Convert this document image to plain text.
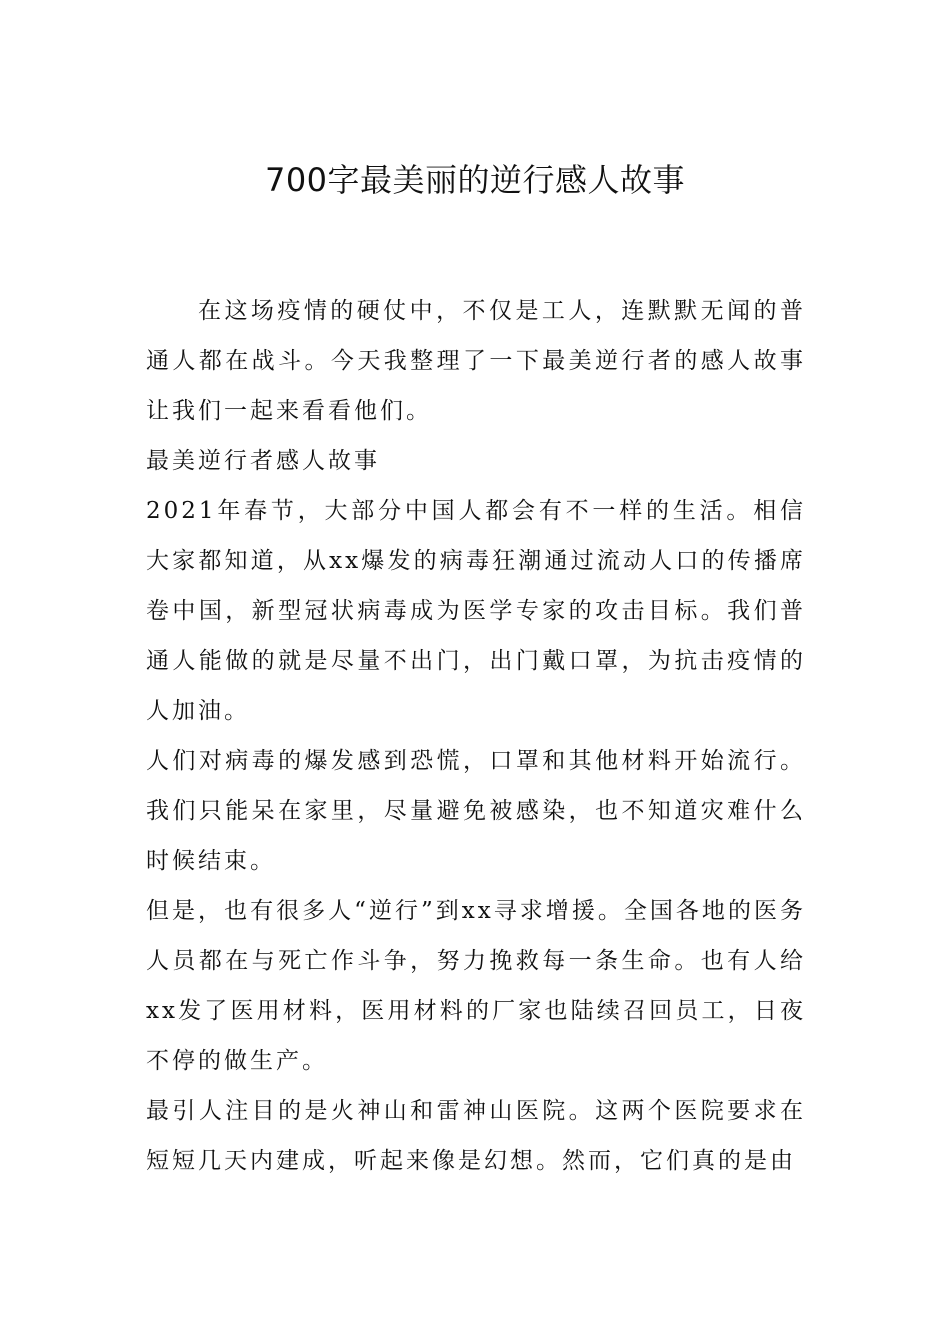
700字最美丽的逆行感人故事

在这场疫情的硬仗中，不仅是工人，连默默无闻的普通人都在战斗。今天我整理了一下最美逆行者的感人故事让我们一起来看看他们。

最美逆行者感人故事

2021年春节，大部分中国人都会有不一样的生活。相信大家都知道，从xx爆发的病毒狂潮通过流动人口的传播席卷中国，新型冠状病毒成为医学专家的攻击目标。我们普通人能做的就是尽量不出门，出门戴口罩，为抗击疫情的人加油。

人们对病毒的爆发感到恐慌，口罩和其他材料开始流行。我们只能呆在家里，尽量避免被感染，也不知道灾难什么时候结束。

但是，也有很多人“逆行”到xx寻求增援。全国各地的医务人员都在与死亡作斗争，努力挽救每一条生命。也有人给xx发了医用材料，医用材料的厂家也陆续召回员工，日夜不停的做生产。

最引人注目的是火神山和雷神山医院。这两个医院要求在短短几天内建成，听起来像是幻想。然而，它们真的是由
